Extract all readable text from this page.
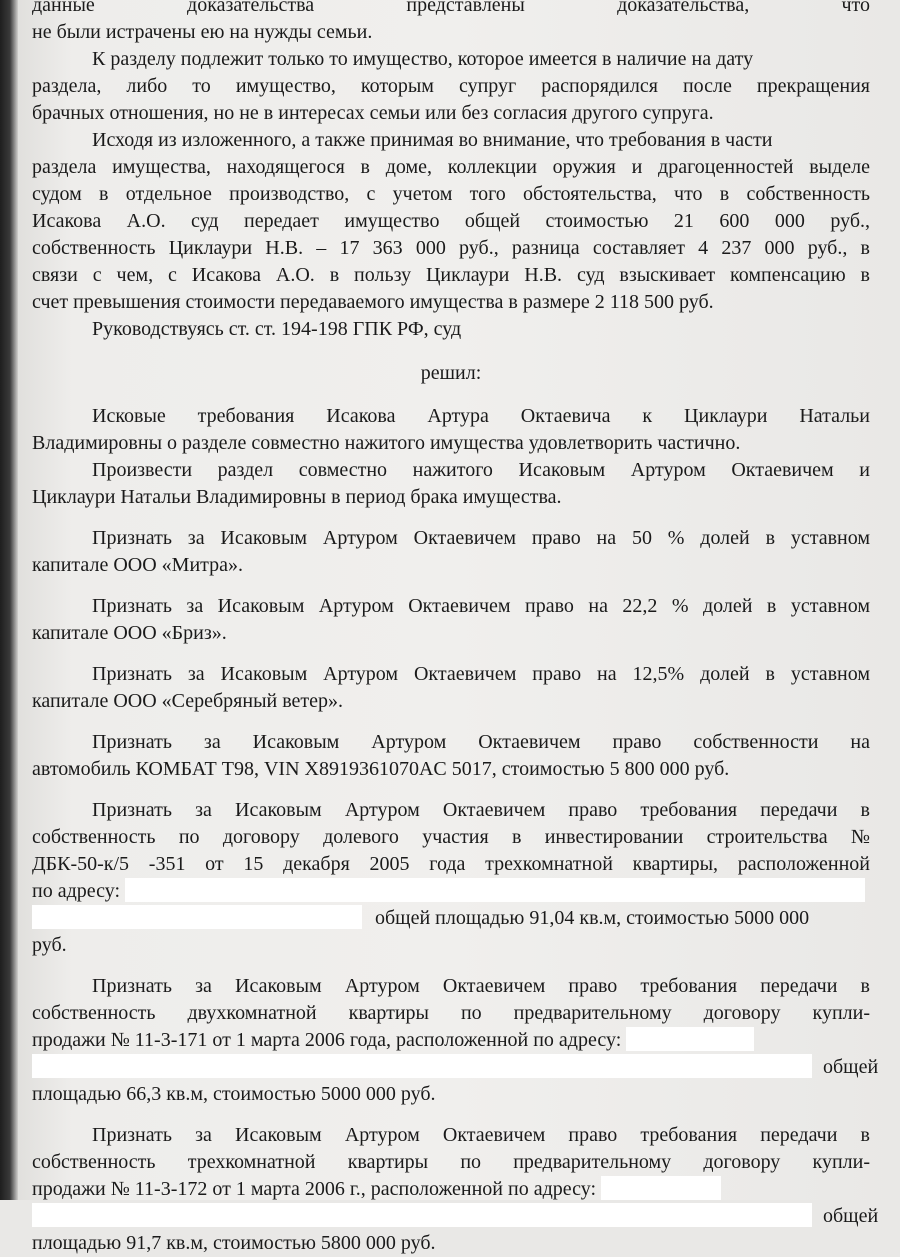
данные доказательства представлены доказательства, что
не были истрачены ею на нужды семьи.
К разделу подлежит только то имущество, которое имеется в наличие на дату
раздела, либо то имущество, которым супруг распорядился после прекращения
брачных отношения, но не в интересах семьи или без согласия другого супруга.
Исходя из изложенного, а также принимая во внимание, что требования в части
раздела имущества, находящегося в доме, коллекции оружия и драгоценностей выделе
судом в отдельное производство, с учетом того обстоятельства, что в собственность
Исакова А.О. суд передает имущество общей стоимостью 21 600 000 руб.,
собственность Циклаури Н.В. – 17 363 000 руб., разница составляет 4 237 000 руб., в
связи с чем, с Исакова А.О. в пользу Циклаури Н.В. суд взыскивает компенсацию в
счет превышения стоимости передаваемого имущества в размере 2 118 500 руб.
Руководствуясь ст. ст. 194-198 ГПК РФ, суд
решил:
Исковые требования Исакова Артура Октаевича к Циклаури Натальи
Владимировны о разделе совместно нажитого имущества удовлетворить частично.
Произвести раздел совместно нажитого Исаковым Артуром Октаевичем и
Циклаури Натальи Владимировны в период брака имущества.
Признать за Исаковым Артуром Октаевичем право на 50 % долей в уставном
капитале ООО «Митра».
Признать за Исаковым Артуром Октаевичем право на 22,2 % долей в уставном
капитале ООО «Бриз».
Признать за Исаковым Артуром Октаевичем право на 12,5% долей в уставном
капитале ООО «Серебряный ветер».
Признать за Исаковым Артуром Октаевичем право собственности на
автомобиль КОМБАТ Т98, VIN X8919361070AC 5017, стоимостью 5 800 000 руб.
Признать за Исаковым Артуром Октаевичем право требования передачи в
собственность по договору долевого участия в инвестировании строительства №
ДБК-50-к/5 -351 от 15 декабря 2005 года трехкомнатной квартиры, расположенной
по адресу:
общей площадью 91,04 кв.м, стоимостью 5000 000
руб.
Признать за Исаковым Артуром Октаевичем право требования передачи в
собственность двухкомнатной квартиры по предварительному договору купли-
продажи № 11-3-171 от 1 марта 2006 года, расположенной по адресу:
общей
площадью 66,3 кв.м, стоимостью 5000 000 руб.
Признать за Исаковым Артуром Октаевичем право требования передачи в
собственность трехкомнатной квартиры по предварительному договору купли-
продажи № 11-3-172 от 1 марта 2006 г., расположенной по адресу:
общей
площадью 91,7 кв.м, стоимостью 5800 000 руб.
